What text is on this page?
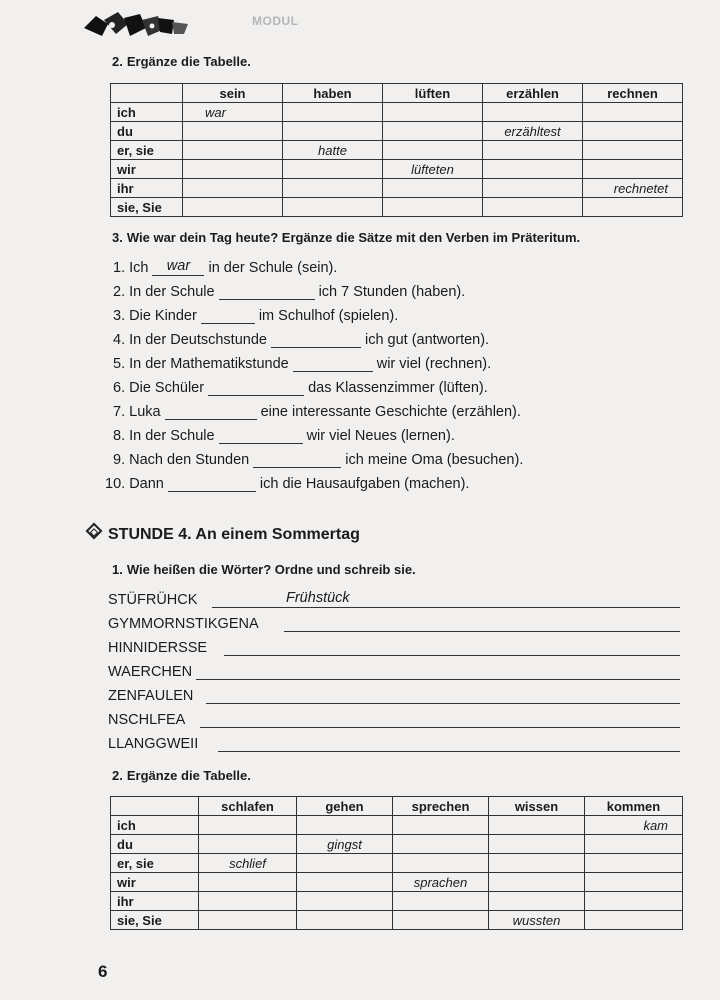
MODUL
2. Ergänze die Tabelle.
	sein	haben	lüften	erzählen	rechnen
ich	war				
du				erzähltest	
er, sie		hatte			
wir			lüfteten		
ihr					rechnetet
sie, Sie					
3. Wie war dein Tag heute? Ergänze die Sätze mit den Verben im Präteritum.
1. Ich war in der Schule (sein).
2. In der Schule	ich 7 Stunden (haben).
3. Die Kinder	im Schulhof (spielen).
4. In der Deutschstunde	ich gut (antworten).
5. In der Mathematikstunde	wir viel (rechnen).
6. Die Schüler	das Klassenzimmer (lüften).
7. Luka	eine interessante Geschichte (erzählen).
8. In der Schule	wir viel Neues (lernen).
9. Nach den Stunden	ich meine Oma (besuchen).
10. Dann	ich die Hausaufgaben (machen).
STUNDE 4. An einem Sommertag
1. Wie heißen die Wörter? Ordne und schreib sie.
STÜFRÜHCK	Frühstück
GYMMORNSTIKGENA
HINNIDERSSE
WAERCHEN
ZENFAULEN
NSCHLFEA
LLANGGWEII
2. Ergänze die Tabelle.
	schlafen	gehen	sprechen	wissen	kommen
ich					kam
du		gingst			
er, sie	schlief				
wir			sprachen		
ihr					
sie, Sie				wussten	
6
